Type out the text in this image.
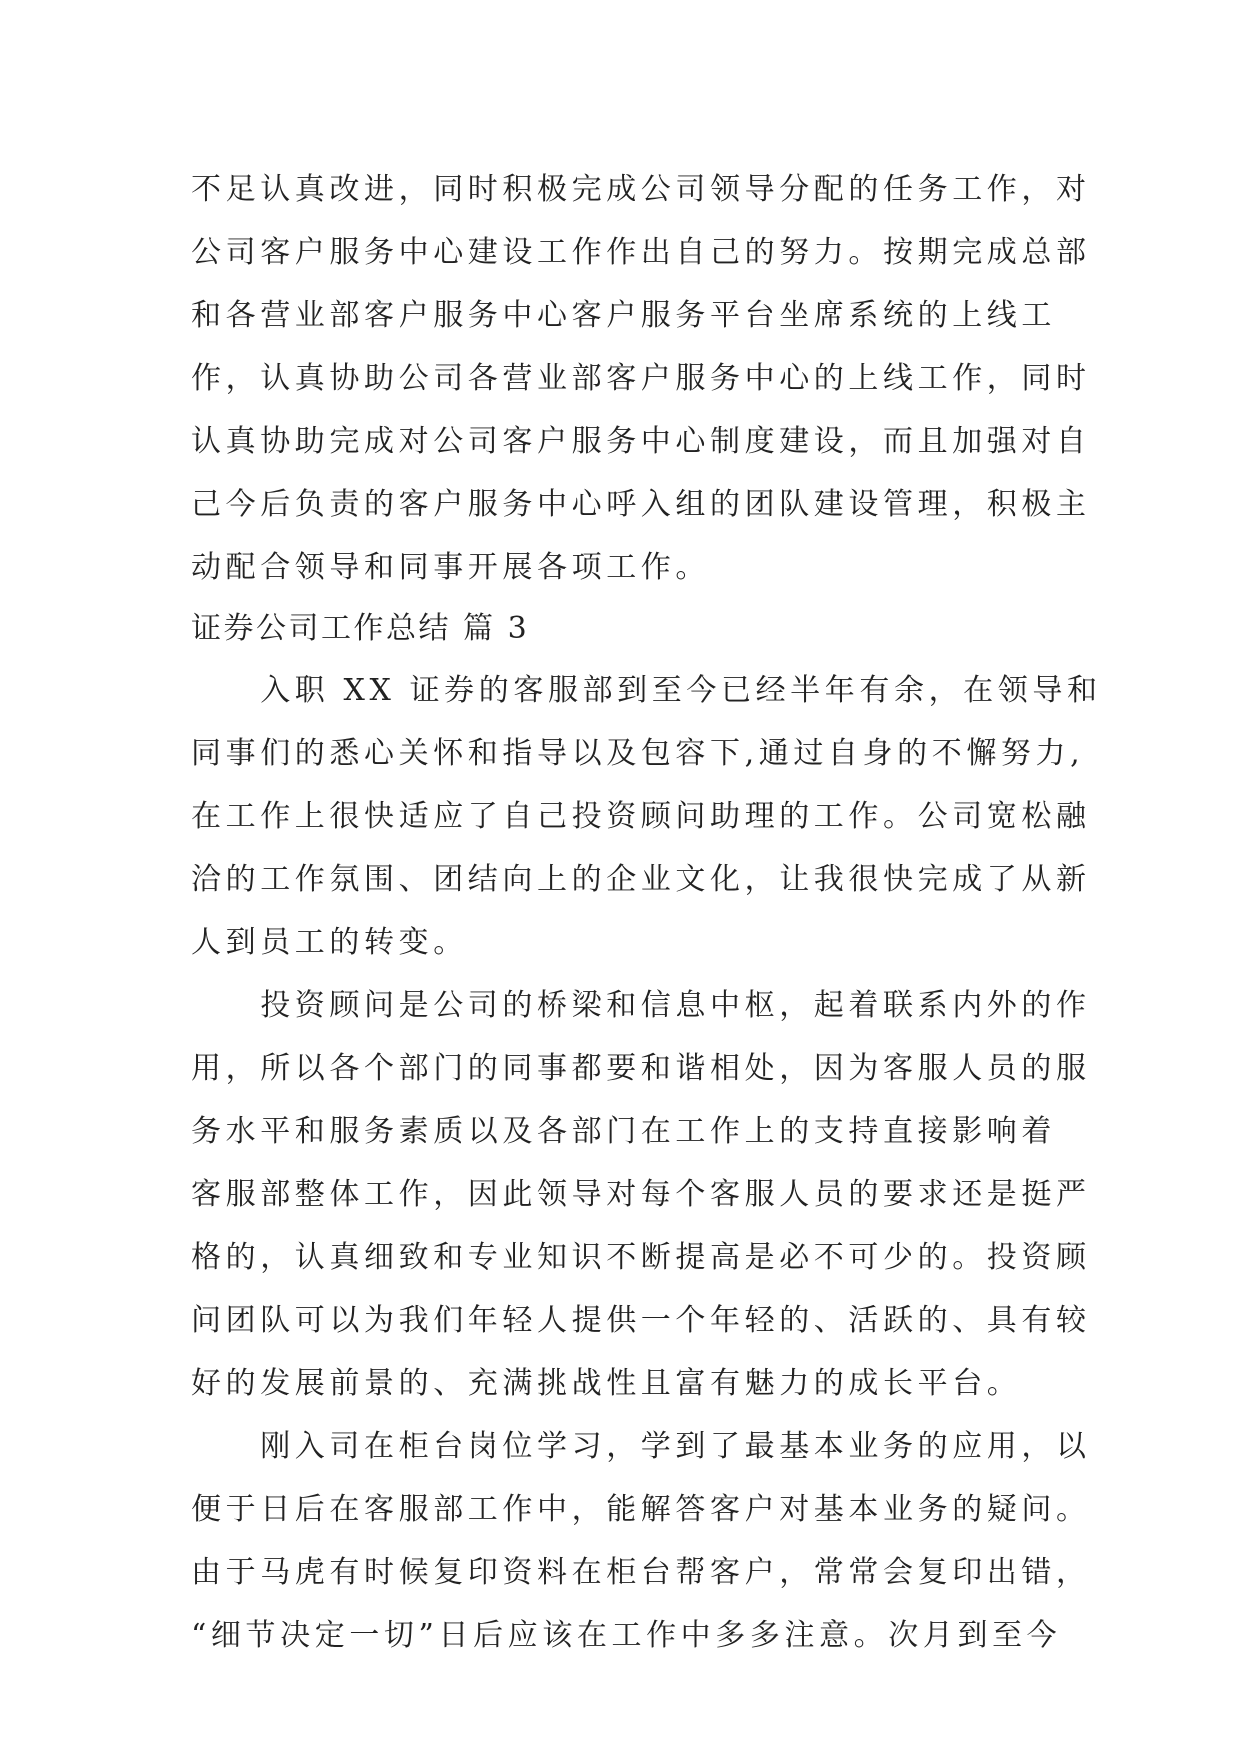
不足认真改进，同时积极完成公司领导分配的任务工作，对
公司客户服务中心建设工作作出自己的努力。按期完成总部
和各营业部客户服务中心客户服务平台坐席系统的上线工
作，认真协助公司各营业部客户服务中心的上线工作，同时
认真协助完成对公司客户服务中心制度建设，而且加强对自
己今后负责的客户服务中心呼入组的团队建设管理，积极主
动配合领导和同事开展各项工作。
证券公司工作总结 篇 3
　　入职 XX 证券的客服部到至今已经半年有余，在领导和
同事们的悉心关怀和指导以及包容下,通过自身的不懈努力,
在工作上很快适应了自己投资顾问助理的工作。公司宽松融
洽的工作氛围、团结向上的企业文化，让我很快完成了从新
人到员工的转变。
　　投资顾问是公司的桥梁和信息中枢，起着联系内外的作
用，所以各个部门的同事都要和谐相处，因为客服人员的服
务水平和服务素质以及各部门在工作上的支持直接影响着
客服部整体工作，因此领导对每个客服人员的要求还是挺严
格的，认真细致和专业知识不断提高是必不可少的。投资顾
问团队可以为我们年轻人提供一个年轻的、活跃的、具有较
好的发展前景的、充满挑战性且富有魅力的成长平台。
　　刚入司在柜台岗位学习，学到了最基本业务的应用，以
便于日后在客服部工作中，能解答客户对基本业务的疑问。
由于马虎有时候复印资料在柜台帮客户，常常会复印出错，
“细节决定一切”日后应该在工作中多多注意。次月到至今
